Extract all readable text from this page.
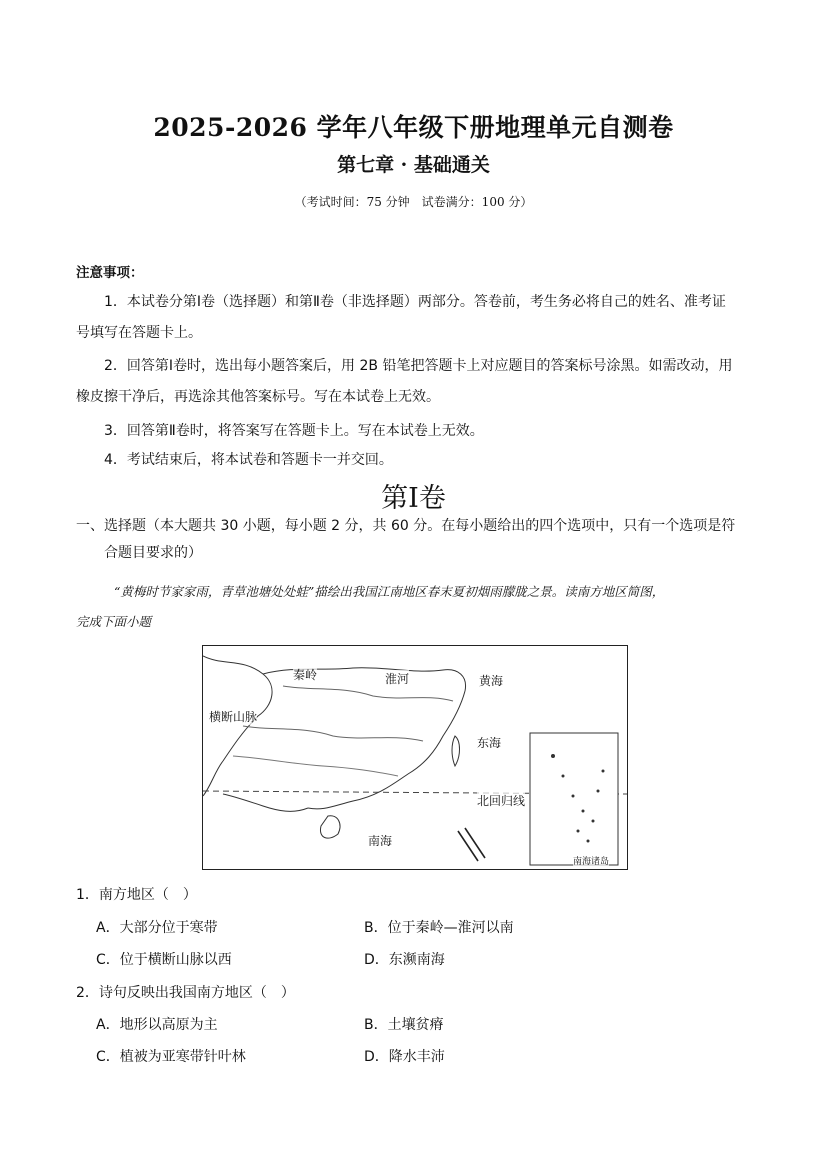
2025-2026 学年八年级下册地理单元自测卷
第七章 · 基础通关
（考试时间：75 分钟　试卷满分：100 分）
注意事项：
1．本试卷分第Ⅰ卷（选择题）和第Ⅱ卷（非选择题）两部分。答卷前，考生务必将自己的姓名、准考证
号填写在答题卡上。
2．回答第Ⅰ卷时，选出每小题答案后，用 2B 铅笔把答题卡上对应题目的答案标号涂黑。如需改动，用
橡皮擦干净后，再选涂其他答案标号。写在本试卷上无效。
3．回答第Ⅱ卷时，将答案写在答题卡上。写在本试卷上无效。
4．考试结束后，将本试卷和答题卡一并交回。
第Ⅰ卷
一、选择题（本大题共 30 小题，每小题 2 分，共 60 分。在每小题给出的四个选项中，只有一个选项是符
合题目要求的）
“黄梅时节家家雨，青草池塘处处蛙”描绘出我国江南地区春末夏初烟雨朦胧之景。读南方地区简图，
完成下面小题
秦岭	淮河	黄海
横断山脉
东海
北回归线
南海
南海诸岛
1．南方地区（　）
A．大部分位于寒带	B．位于秦岭—淮河以南
C．位于横断山脉以西	D．东濒南海
2．诗句反映出我国南方地区（　）
A．地形以高原为主	B．土壤贫瘠
C．植被为亚寒带针叶林	D．降水丰沛
